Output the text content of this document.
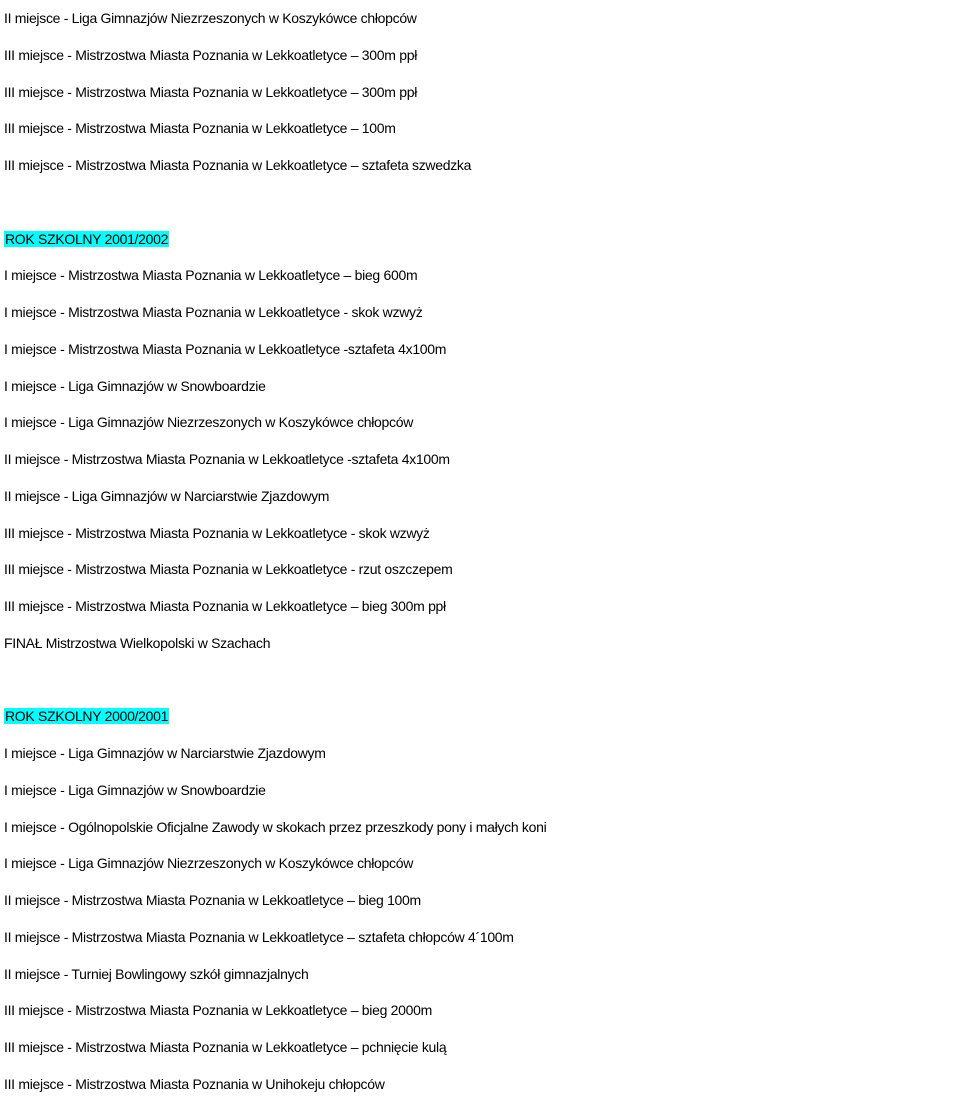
II miejsce - Liga Gimnazjów Niezrzeszonych w Koszykówce chłopców
III miejsce - Mistrzostwa Miasta Poznania w Lekkoatletyce – 300m ppł
III miejsce - Mistrzostwa Miasta Poznania w Lekkoatletyce – 300m ppł
III miejsce - Mistrzostwa Miasta Poznania w Lekkoatletyce – 100m
III miejsce - Mistrzostwa Miasta Poznania w Lekkoatletyce – sztafeta szwedzka
ROK SZKOLNY 2001/2002
I miejsce - Mistrzostwa Miasta Poznania w Lekkoatletyce – bieg 600m
I miejsce - Mistrzostwa Miasta Poznania w Lekkoatletyce - skok wzwyż
I miejsce - Mistrzostwa Miasta Poznania w Lekkoatletyce -sztafeta 4x100m
I miejsce - Liga Gimnazjów w Snowboardzie
I miejsce - Liga Gimnazjów Niezrzeszonych w Koszykówce chłopców
II miejsce - Mistrzostwa Miasta Poznania w Lekkoatletyce -sztafeta 4x100m
II miejsce - Liga Gimnazjów w Narciarstwie Zjazdowym
III miejsce - Mistrzostwa Miasta Poznania w Lekkoatletyce - skok wzwyż
III miejsce - Mistrzostwa Miasta Poznania w Lekkoatletyce - rzut oszczepem
III miejsce - Mistrzostwa Miasta Poznania w Lekkoatletyce – bieg 300m ppł
FINAŁ Mistrzostwa Wielkopolski w Szachach
ROK SZKOLNY 2000/2001
I miejsce - Liga Gimnazjów w Narciarstwie Zjazdowym
I miejsce - Liga Gimnazjów w Snowboardzie
I miejsce - Ogólnopolskie Oficjalne Zawody w skokach przez przeszkody pony i małych koni
I miejsce - Liga Gimnazjów Niezrzeszonych w Koszykówce chłopców
II miejsce - Mistrzostwa Miasta Poznania w Lekkoatletyce – bieg 100m
II miejsce - Mistrzostwa Miasta Poznania w Lekkoatletyce – sztafeta chłopców 4´100m
II miejsce - Turniej Bowlingowy szkół gimnazjalnych
III miejsce - Mistrzostwa Miasta Poznania w Lekkoatletyce – bieg 2000m
III miejsce - Mistrzostwa Miasta Poznania w Lekkoatletyce – pchnięcie kulą
III miejsce - Mistrzostwa Miasta Poznania w Unihokeju chłopców
